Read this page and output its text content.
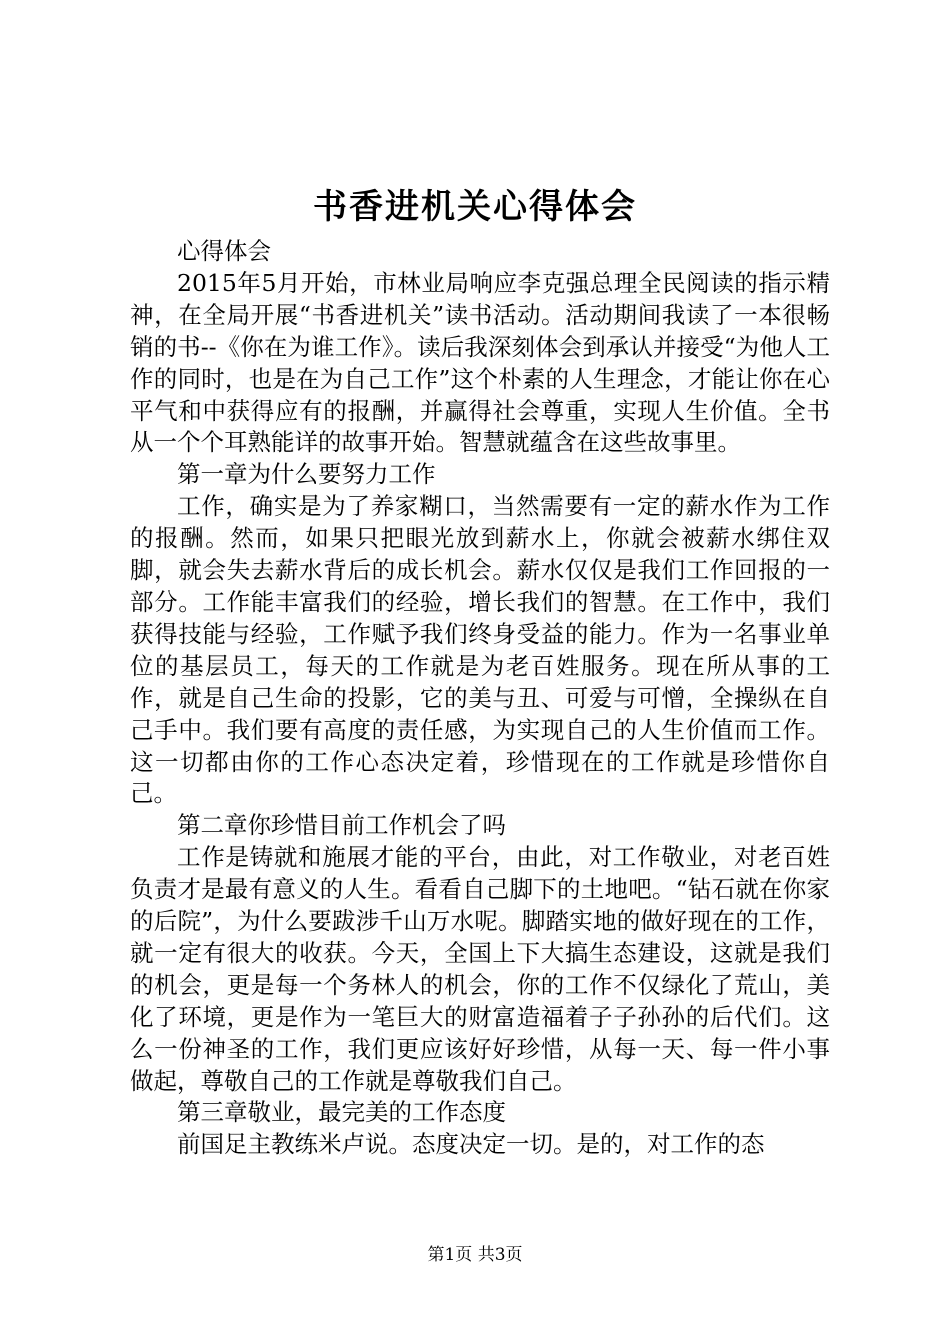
书香进机关心得体会

心得体会

2015年5月开始，市林业局响应李克强总理全民阅读的指示精神，在全局开展“书香进机关”读书活动。活动期间我读了一本很畅销的书--《你在为谁工作》。读后我深刻体会到承认并接受“为他人工作的同时，也是在为自己工作”这个朴素的人生理念，才能让你在心平气和中获得应有的报酬，并赢得社会尊重，实现人生价值。全书从一个个耳熟能详的故事开始。智慧就蕴含在这些故事里。

第一章为什么要努力工作

工作，确实是为了养家糊口，当然需要有一定的薪水作为工作的报酬。然而，如果只把眼光放到薪水上，你就会被薪水绑住双脚，就会失去薪水背后的成长机会。薪水仅仅是我们工作回报的一部分。工作能丰富我们的经验，增长我们的智慧。在工作中，我们获得技能与经验，工作赋予我们终身受益的能力。作为一名事业单位的基层员工，每天的工作就是为老百姓服务。现在所从事的工作，就是自己生命的投影，它的美与丑、可爱与可憎，全操纵在自己手中。我们要有高度的责任感，为实现自己的人生价值而工作。这一切都由你的工作心态决定着，珍惜现在的工作就是珍惜你自己。

第二章你珍惜目前工作机会了吗

工作是铸就和施展才能的平台，由此，对工作敬业，对老百姓负责才是最有意义的人生。看看自己脚下的土地吧。“钻石就在你家的后院”，为什么要跋涉千山万水呢。脚踏实地的做好现在的工作，就一定有很大的收获。今天，全国上下大搞生态建设，这就是我们的机会，更是每一个务林人的机会，你的工作不仅绿化了荒山，美化了环境，更是作为一笔巨大的财富造福着子子孙孙的后代们。这么一份神圣的工作，我们更应该好好珍惜，从每一天、每一件小事做起，尊敬自己的工作就是尊敬我们自己。

第三章敬业，最完美的工作态度

前国足主教练米卢说。态度决定一切。是的，对工作的态

第1页 共3页
